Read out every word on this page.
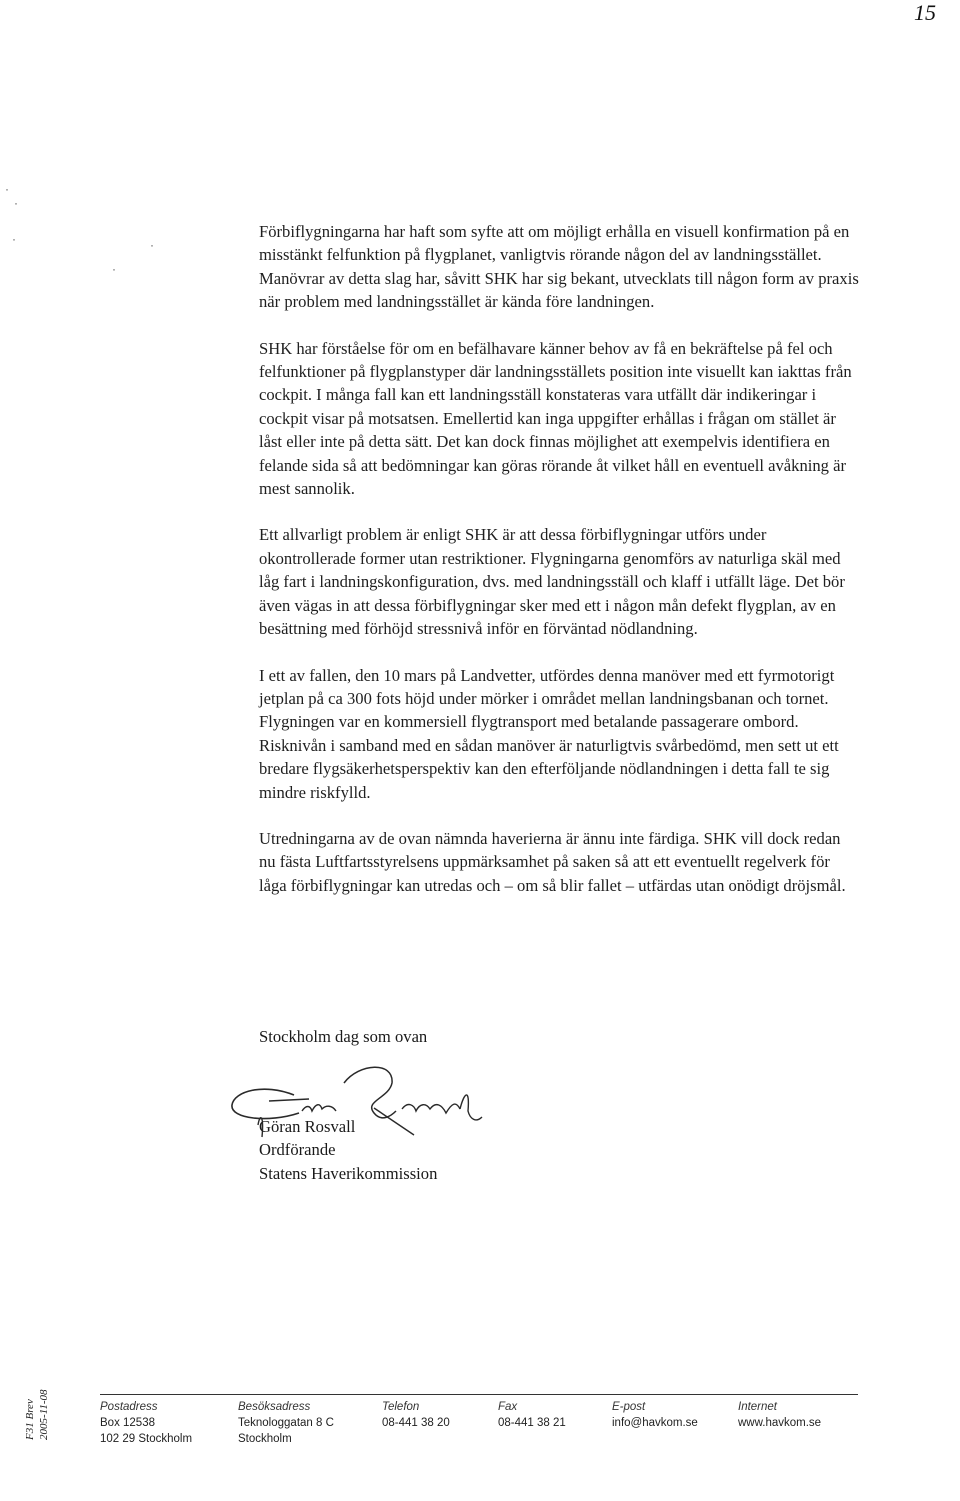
15
·
·
·	·
·

Förbiflygningarna har haft som syfte att om möjligt erhålla en visuell konfirmation på en misstänkt felfunktion på flygplanet, vanligtvis rörande någon del av landningsstället. Manövrar av detta slag har, såvitt SHK har sig bekant, utvecklats till någon form av praxis när problem med landningsstället är kända före landningen.

SHK har förståelse för om en befälhavare känner behov av få en bekräftelse på fel och felfunktioner på flygplanstyper där landningsställets position inte visuellt kan iakttas från cockpit. I många fall kan ett landningsställ konstateras vara utfällt där indikeringar i cockpit visar på motsatsen. Emellertid kan inga uppgifter erhållas i frågan om stället är låst eller inte på detta sätt. Det kan dock finnas möjlighet att exempelvis identifiera en felande sida så att bedömningar kan göras rörande åt vilket håll en eventuell avåkning är mest sannolik.

Ett allvarligt problem är enligt SHK är att dessa förbiflygningar utförs under okontrollerade former utan restriktioner. Flygningarna genomförs av naturliga skäl med låg fart i landningskonfiguration, dvs. med landningsställ och klaff i utfällt läge. Det bör även vägas in att dessa förbiflygningar sker med ett i någon mån defekt flygplan, av en besättning med förhöjd stressnivå inför en förväntad nödlandning.

I ett av fallen, den 10 mars på Landvetter, utfördes denna manöver med ett fyrmotorigt jetplan på ca 300 fots höjd under mörker i området mellan landningsbanan och tornet. Flygningen var en kommersiell flygtransport med betalande passagerare ombord. Risknivån i samband med en sådan manöver är naturligtvis svårbedömd, men sett ut ett bredare flygsäkerhetsperspektiv kan den efterföljande nödlandningen i detta fall te sig mindre riskfylld.

Utredningarna av de ovan nämnda haverierna är ännu inte färdiga. SHK vill dock redan nu fästa Luftfartsstyrelsens uppmärksamhet på saken så att ett eventuellt regelverk för låga förbiflygningar kan utredas och – om så blir fallet – utfärdas utan onödigt dröjsmål.

Stockholm dag som ovan

Göran Rosvall
Ordförande
Statens Haverikommission
F31 Brev 2005-11-08	Postadress
Box 12538
102 29 Stockholm
Besöksadress
Teknologgatan 8 C
Stockholm
Telefon
08-441 38 20
Fax
08-441 38 21
E-post
info@havkom.se
Internet
www.havkom.se
